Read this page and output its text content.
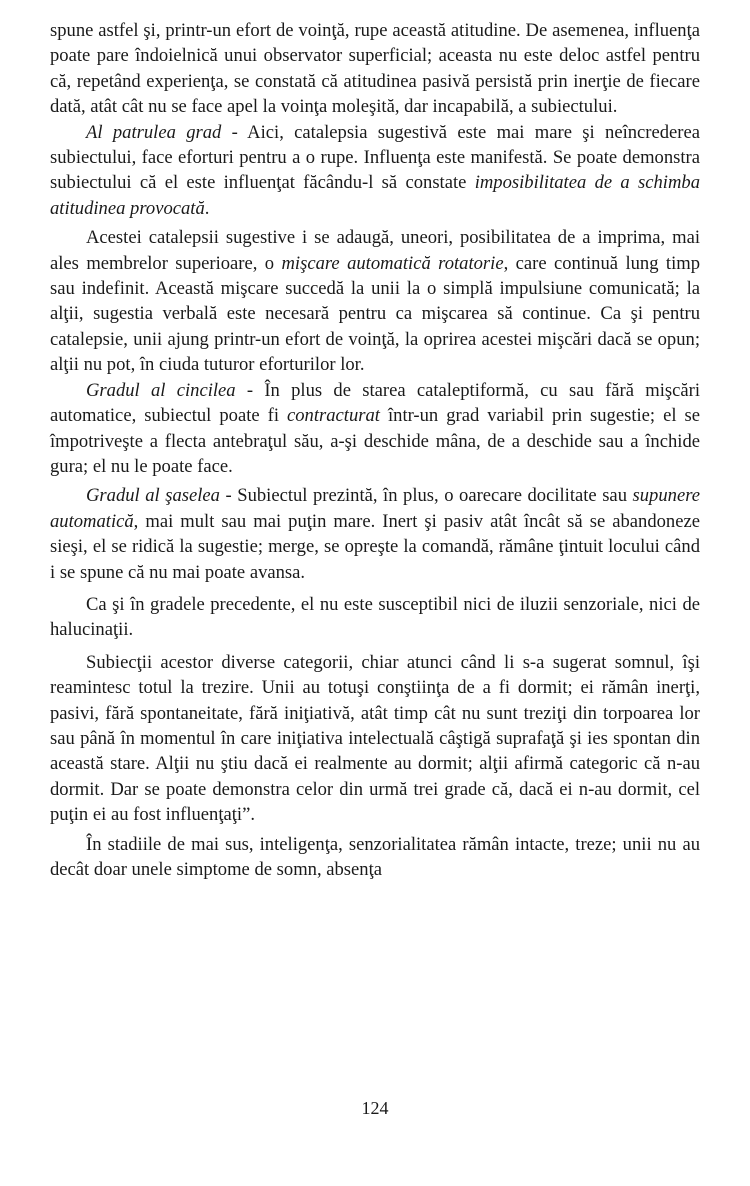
spune astfel şi, printr-un efort de voinţă, rupe această atitudine. De asemenea, influenţa poate pare îndoielnică unui observator superficial; aceasta nu este deloc astfel pentru că, repetând experienţa, se constată că atitudinea pasivă persistă prin inerţie de fiecare dată, atât cât nu se face apel la voinţa moleşită, dar incapabilă, a subiectului.

Al patrulea grad - Aici, catalepsia sugestivă este mai mare şi neîncrederea subiectului, face eforturi pentru a o rupe. Influenţa este manifestă. Se poate demonstra subiectului că el este influenţat făcându-l să constate imposibilitatea de a schimba atitudinea provocată.

Acestei catalepsii sugestive i se adaugă, uneori, posibilitatea de a imprima, mai ales membrelor superioare, o mişcare automatică rotatorie, care continuă lung timp sau indefinit. Această mişcare succedă la unii la o simplă impulsiune comunicată; la alţii, sugestia verbală este necesară pentru ca mişcarea să continue. Ca şi pentru catalepsie, unii ajung printr-un efort de voinţă, la oprirea acestei mişcări dacă se opun; alţii nu pot, în ciuda tuturor eforturilor lor.

Gradul al cincilea - În plus de starea cataleptiformă, cu sau fără mişcări automatice, subiectul poate fi contracturat într-un grad variabil prin sugestie; el se împotriveşte a flecta antebraţul său, a-şi deschide mâna, de a deschide sau a închide gura; el nu le poate face.

Gradul al şaselea - Subiectul prezintă, în plus, o oarecare docilitate sau supunere automatică, mai mult sau mai puţin mare. Inert şi pasiv atât încât să se abandoneze sieşi, el se ridică la sugestie; merge, se opreşte la comandă, rămâne ţintuit locului când i se spune că nu mai poate avansa.

Ca şi în gradele precedente, el nu este susceptibil nici de iluzii senzoriale, nici de halucinaţii.

Subiecţii acestor diverse categorii, chiar atunci când li s-a sugerat somnul, îşi reamintesc totul la trezire. Unii au totuşi conştiinţa de a fi dormit; ei rămân inerţi, pasivi, fără spontaneitate, fără iniţiativă, atât timp cât nu sunt treziţi din torpoarea lor sau până în momentul în care iniţiativa intelectuală câştigă suprafaţă şi ies spontan din această stare. Alţii nu ştiu dacă ei realmente au dormit; alţii afirmă categoric că n-au dormit. Dar se poate demonstra celor din urmă trei grade că, dacă ei n-au dormit, cel puţin ei au fost influenţaţi”.

În stadiile de mai sus, inteligenţa, senzorialitatea rămân intacte, treze; unii nu au decât doar unele simptome de somn, absenţa

124
